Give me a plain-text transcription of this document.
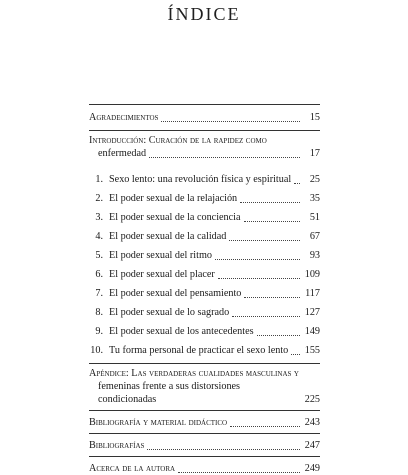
ÍNDICE
Agradecimientos	15
Introducción: Curación de la rapidez como
enfermedad	17
1. Sexo lento: una revolución física y espiritual	25
2. El poder sexual de la relajación	35
3. El poder sexual de la conciencia	51
4. El poder sexual de la calidad	67
5. El poder sexual del ritmo	93
6. El poder sexual del placer	109
7. El poder sexual del pensamiento	117
8. El poder sexual de lo sagrado	127
9. El poder sexual de los antecedentes	149
10. Tu forma personal de practicar el sexo lento 155
Apéndice: Las verdaderas cualidades masculinas y
femeninas frente a sus distorsiones condicionadas	225
Bibliografía y material didáctico	243
Bibliografías	247
Acerca de la autora	249
